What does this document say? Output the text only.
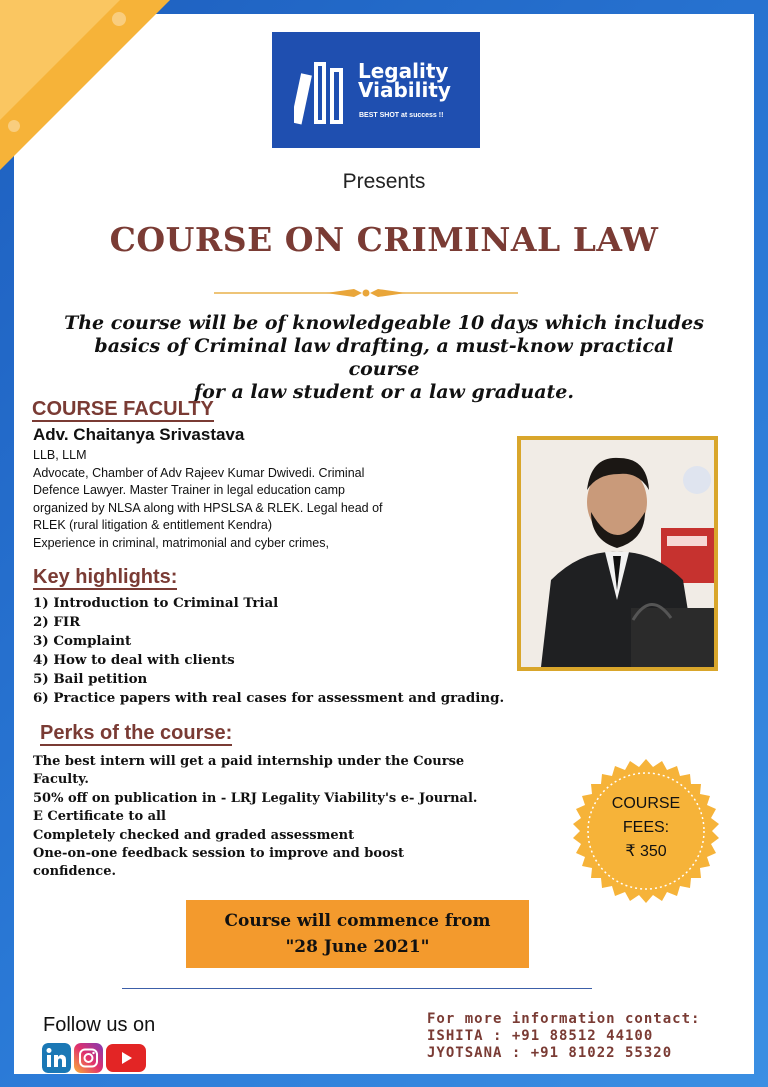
Legality
Viability
BEST SHOT at success !!
Presents
COURSE ON CRIMINAL LAW
The course will be of knowledgeable 10 days which includes
basics of Criminal law drafting, a must-know practical course
for a law student or a law graduate.
COURSE FACULTY
Adv. Chaitanya Srivastava
LLB, LLM
Advocate, Chamber of Adv Rajeev Kumar Dwivedi. Criminal
Defence Lawyer. Master Trainer in legal education camp
organized by NLSA along with HPSLSA & RLEK. Legal head of
RLEK (rural litigation & entitlement Kendra)
Experience in criminal, matrimonial and cyber crimes,
Key highlights:
1) Introduction to Criminal Trial
2) FIR
3) Complaint
4) How to deal with clients
5) Bail petition
6) Practice papers with real cases for assessment and grading.
Perks of the course:
The best intern will get a paid internship under the Course
Faculty.
50% off on publication in - LRJ Legality Viability's e- Journal.
E Certificate to all
Completely checked and graded assessment
One-on-one feedback session to improve and boost
confidence.
COURSE
FEES:
₹ 350
Course will commence from
"28 June 2021"
Follow us on	For more information contact:
ISHITA : +91 88512 44100
JYOTSANA : +91 81022 55320
